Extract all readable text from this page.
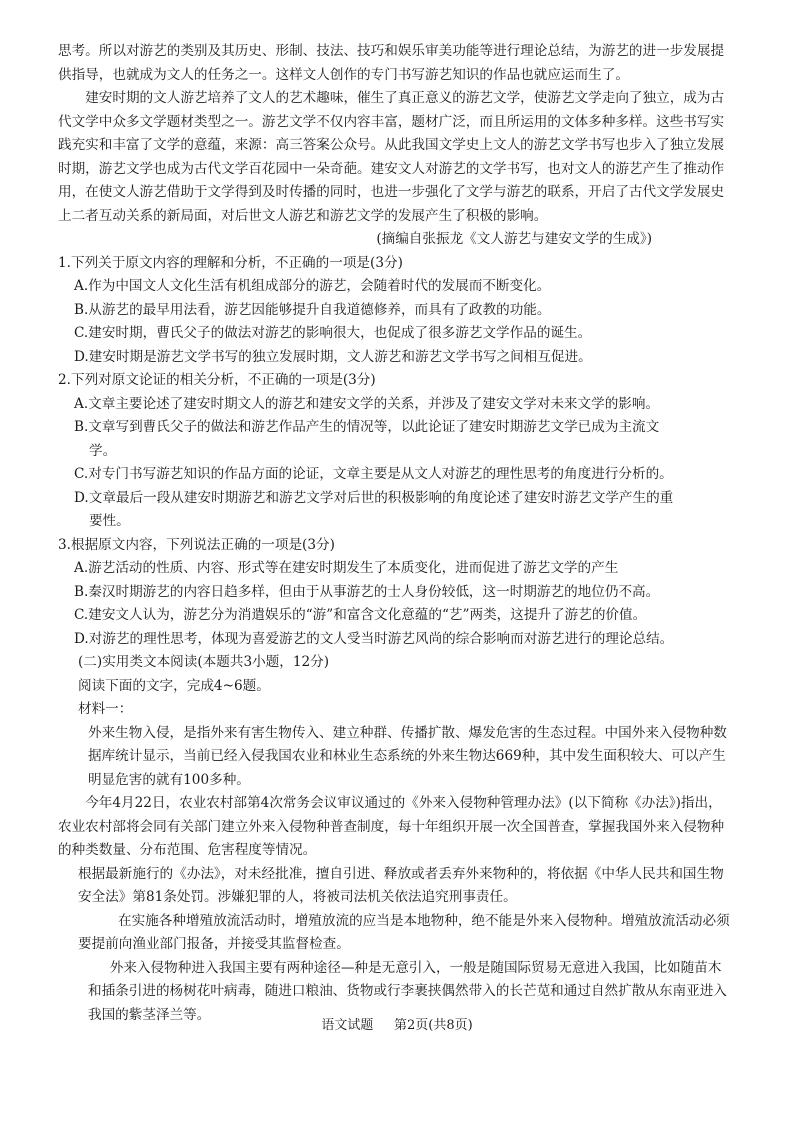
思考。所以对游艺的类别及其历史、形制、技法、技巧和娱乐审美功能等进行理论总结，为游艺的进一步发展提供指导，也就成为文人的任务之一。这样文人创作的专门书写游艺知识的作品也就应运而生了。

建安时期的文人游艺培养了文人的艺术趣味，催生了真正意义的游艺文学，使游艺文学走向了独立，成为古代文学中众多文学题材类型之一。游艺文学不仅内容丰富，题材广泛，而且所运用的文体多种多样。这些书写实践充实和丰富了文学的意蕴，来源：高三答案公众号。从此我国文学史上文人的游艺文学书写也步入了独立发展时期，游艺文学也成为古代文学百花园中一朵奇葩。建安文人对游艺的文学书写，也对文人的游艺产生了推动作用，在使文人游艺借助于文学得到及时传播的同时，也进一步强化了文学与游艺的联系，开启了古代文学发展史上二者互动关系的新局面，对后世文人游艺和游艺文学的发展产生了积极的影响。

(摘编自张振龙《文人游艺与建安文学的生成》)

1.下列关于原文内容的理解和分析，不正确的一项是(3分)

A.作为中国文人文化生活有机组成部分的游艺，会随着时代的发展而不断变化。

B.从游艺的最早用法看，游艺因能够提升自我道德修养，而具有了政教的功能。

C.建安时期，曹氏父子的做法对游艺的影响很大，也促成了很多游艺文学作品的诞生。

D.建安时期是游艺文学书写的独立发展时期，文人游艺和游艺文学书写之间相互促进。

2.下列对原文论证的相关分析，不正确的一项是(3分)

A.文章主要论述了建安时期文人的游艺和建安文学的关系，并涉及了建安文学对未来文学的影响。

B.文章写到曹氏父子的做法和游艺作品产生的情况等，以此论证了建安时期游艺文学已成为主流文
学。

C.对专门书写游艺知识的作品方面的论证，文章主要是从文人对游艺的理性思考的角度进行分析的。

D.文章最后一段从建安时期游艺和游艺文学对后世的积极影响的角度论述了建安时游艺文学产生的重
要性。

3.根据原文内容，下列说法正确的一项是(3分)

A.游艺活动的性质、内容、形式等在建安时期发生了本质变化，进而促进了游艺文学的产生

B.秦汉时期游艺的内容日趋多样，但由于从事游艺的士人身份较低，这一时期游艺的地位仍不高。

C.建安文人认为，游艺分为消遣娱乐的“游”和富含文化意蕴的“艺”两类，这提升了游艺的价值。

D.对游艺的理性思考，体现为喜爱游艺的文人受当时游艺风尚的综合影响而对游艺进行的理论总结。

(二)实用类文本阅读(本题共3小题，12分)

阅读下面的文字，完成4~6题。

材料一：

外来生物入侵，是指外来有害生物传入、建立种群、传播扩散、爆发危害的生态过程。中国外来入侵物种数据库统计显示，当前已经入侵我国农业和林业生态系统的外来生物达669种，其中发生面积较大、可以产生明显危害的就有100多种。

今年4月22日，农业农村部第4次常务会议审议通过的《外来入侵物种管理办法》(以下简称《办法》)指出，农业农村部将会同有关部门建立外来入侵物种普查制度，每十年组织开展一次全国普查，掌握我国外来入侵物种的种类数量、分布范围、危害程度等情况。

根据最新施行的《办法》，对未经批准，擅自引进、释放或者丢弃外来物种的，将依据《中华人民共和国生物安全法》第81条处罚。涉嫌犯罪的人，将被司法机关依法追究刑事责任。

在实施各种增殖放流活动时，增殖放流的应当是本地物种，绝不能是外来入侵物种。增殖放流活动必须要提前向渔业部门报备，并接受其监督检查。

外来入侵物种进入我国主要有两种途径—种是无意引入，一般是随国际贸易无意进入我国，比如随苗木和插条引进的杨树花叶病毒，随进口粮油、货物或行李裹挟偶然带入的长芒苋和通过自然扩散从东南亚进入我国的紫茎泽兰等。

语文试题 第2页(共8页)
